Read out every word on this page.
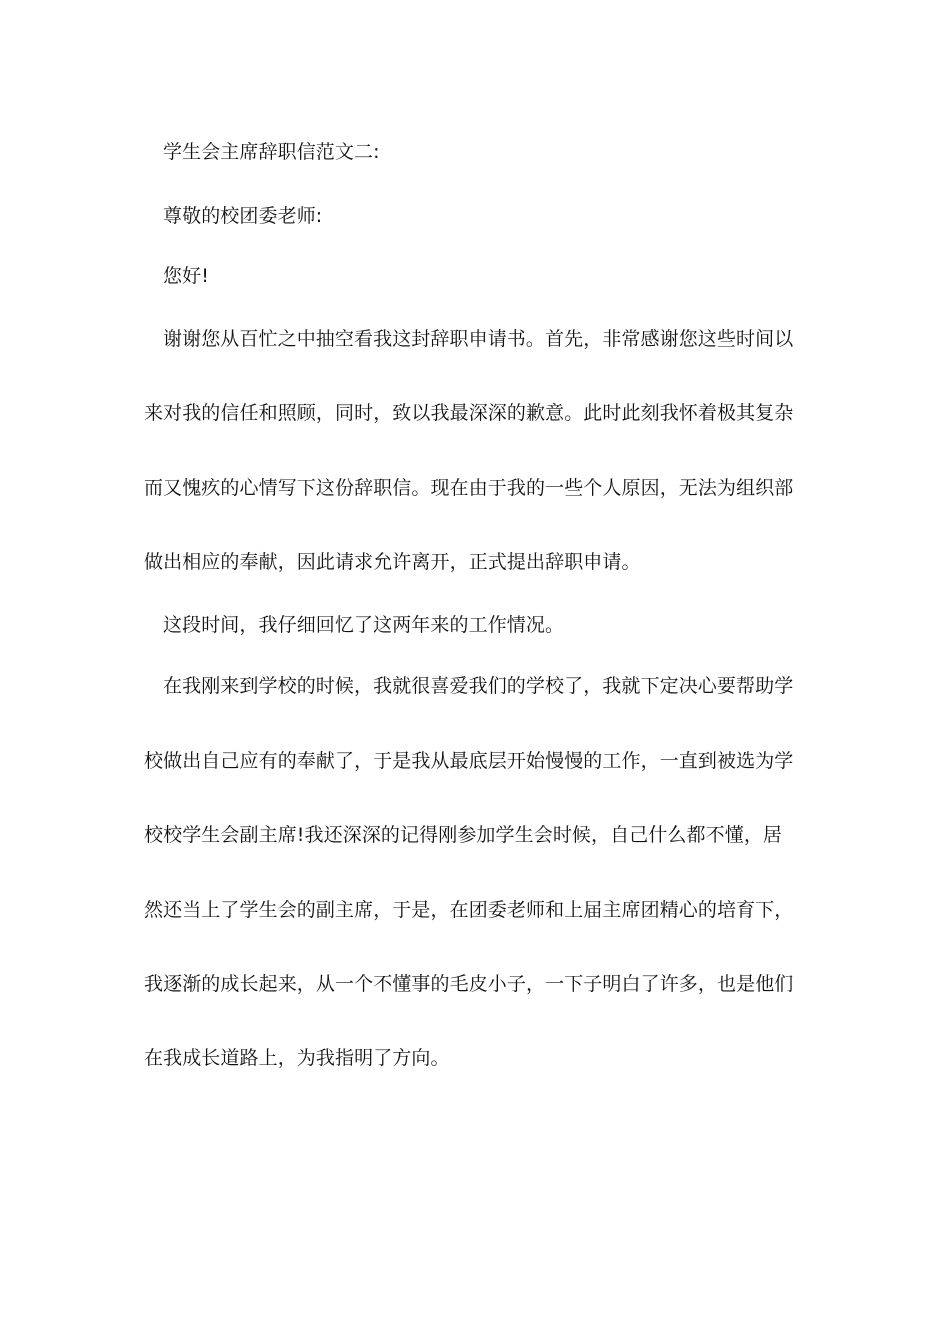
学生会主席辞职信范文二:
尊敬的校团委老师:
您好!
谢谢您从百忙之中抽空看我这封辞职申请书。首先，非常感谢您这些时间以
来对我的信任和照顾，同时，致以我最深深的歉意。此时此刻我怀着极其复杂
而又愧疚的心情写下这份辞职信。现在由于我的一些个人原因，无法为组织部
做出相应的奉献，因此请求允许离开，正式提出辞职申请。
这段时间，我仔细回忆了这两年来的工作情况。
在我刚来到学校的时候，我就很喜爱我们的学校了，我就下定决心要帮助学
校做出自己应有的奉献了，于是我从最底层开始慢慢的工作，一直到被选为学
校校学生会副主席!我还深深的记得刚参加学生会时候，自己什么都不懂，居
然还当上了学生会的副主席，于是，在团委老师和上届主席团精心的培育下，
我逐渐的成长起来，从一个不懂事的毛皮小子，一下子明白了许多，也是他们
在我成长道路上，为我指明了方向。
